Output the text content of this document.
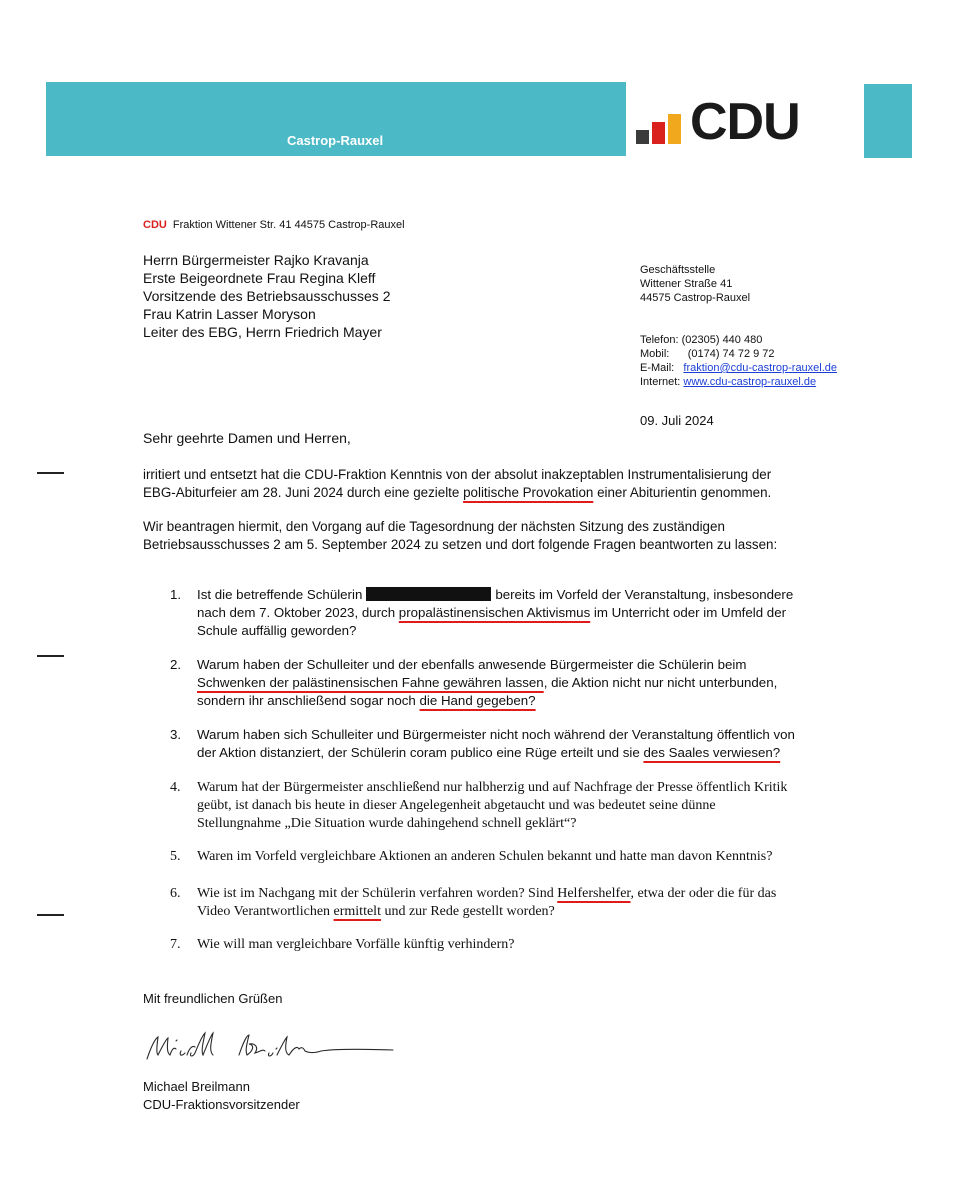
Castrop-Rauxel	CDU
CDU Fraktion Wittener Str. 41 44575 Castrop-Rauxel
Herrn Bürgermeister Rajko Kravanja
Erste Beigeordnete Frau Regina Kleff
Vorsitzende des Betriebsausschusses 2
Frau Katrin Lasser Moryson
Leiter des EBG, Herrn Friedrich Mayer
Geschäftsstelle
Wittener Straße 41
44575 Castrop-Rauxel
Telefon: (02305) 440 480
Mobil: (0174) 74 72 9 72
E-Mail: fraktion@cdu-castrop-rauxel.de
Internet: www.cdu-castrop-rauxel.de
09. Juli 2024
Sehr geehrte Damen und Herren,
irritiert und entsetzt hat die CDU-Fraktion Kenntnis von der absolut inakzeptablen Instrumentalisierung der
EBG-Abiturfeier am 28. Juni 2024 durch eine gezielte politische Provokation einer Abiturientin genommen.
Wir beantragen hiermit, den Vorgang auf die Tagesordnung der nächsten Sitzung des zuständigen
Betriebsausschusses 2 am 5. September 2024 zu setzen und dort folgende Fragen beantworten zu lassen:
1. Ist die betreffende Schülerin	bereits im Vorfeld der Veranstaltung, insbesondere
nach dem 7. Oktober 2023, durch propalästinensischen Aktivismus im Unterricht oder im Umfeld der
Schule auffällig geworden?
2. Warum haben der Schulleiter und der ebenfalls anwesende Bürgermeister die Schülerin beim
Schwenken der palästinensischen Fahne gewähren lassen, die Aktion nicht nur nicht unterbunden,
sondern ihr anschließend sogar noch die Hand gegeben?
3. Warum haben sich Schulleiter und Bürgermeister nicht noch während der Veranstaltung öffentlich von
der Aktion distanziert, der Schülerin coram publico eine Rüge erteilt und sie des Saales verwiesen?
4. Warum hat der Bürgermeister anschließend nur halbherzig und auf Nachfrage der Presse öffentlich Kritik
geübt, ist danach bis heute in dieser Angelegenheit abgetaucht und was bedeutet seine dünne
Stellungnahme „Die Situation wurde dahingehend schnell geklärt“?
5. Waren im Vorfeld vergleichbare Aktionen an anderen Schulen bekannt und hatte man davon Kenntnis?
6. Wie ist im Nachgang mit der Schülerin verfahren worden? Sind Helfershelfer, etwa der oder die für das
Video Verantwortlichen ermittelt und zur Rede gestellt worden?
7. Wie will man vergleichbare Vorfälle künftig verhindern?
Mit freundlichen Grüßen
Michael Breilmann
CDU-Fraktionsvorsitzender
